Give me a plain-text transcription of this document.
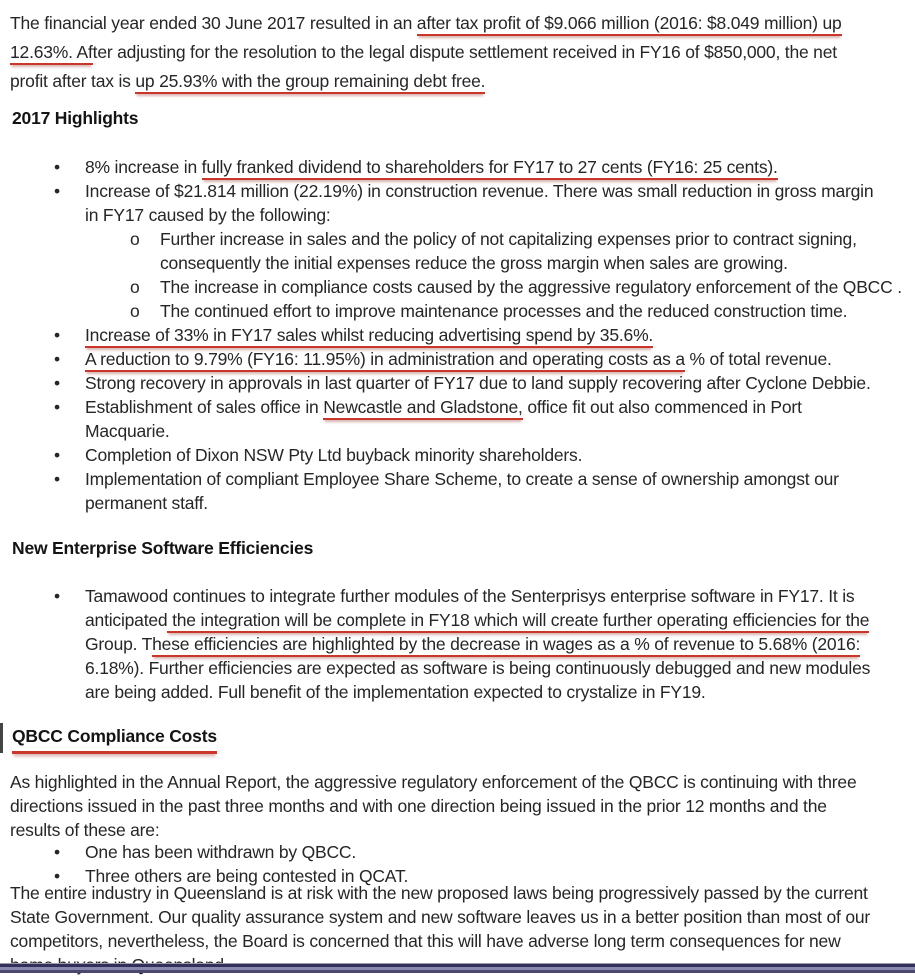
The financial year ended 30 June 2017 resulted in an after tax profit of $9.066 million (2016: $8.049 million) up
12.63%. After adjusting for the resolution to the legal dispute settlement received in FY16 of $850,000, the net
profit after tax is up 25.93% with the group remaining debt free.
2017 Highlights
• 8% increase in fully franked dividend to shareholders for FY17 to 27 cents (FY16: 25 cents).
• Increase of $21.814 million (22.19%) in construction revenue. There was small reduction in gross margin
in FY17 caused by the following:
o Further increase in sales and the policy of not capitalizing expenses prior to contract signing,
consequently the initial expenses reduce the gross margin when sales are growing.
o The increase in compliance costs caused by the aggressive regulatory enforcement of the QBCC .
o The continued effort to improve maintenance processes and the reduced construction time.
• Increase of 33% in FY17 sales whilst reducing advertising spend by 35.6%.
• A reduction to 9.79% (FY16: 11.95%) in administration and operating costs as a % of total revenue.
• Strong recovery in approvals in last quarter of FY17 due to land supply recovering after Cyclone Debbie.
• Establishment of sales office in Newcastle and Gladstone, office fit out also commenced in Port
Macquarie.
• Completion of Dixon NSW Pty Ltd buyback minority shareholders.
• Implementation of compliant Employee Share Scheme, to create a sense of ownership amongst our
permanent staff.
New Enterprise Software Efficiencies
• Tamawood continues to integrate further modules of the Senterprisys enterprise software in FY17. It is
anticipated the integration will be complete in FY18 which will create further operating efficiencies for the
Group. These efficiencies are highlighted by the decrease in wages as a % of revenue to 5.68% (2016:
6.18%). Further efficiencies are expected as software is being continuously debugged and new modules
are being added. Full benefit of the implementation expected to crystalize in FY19.
QBCC Compliance Costs
As highlighted in the Annual Report, the aggressive regulatory enforcement of the QBCC is continuing with three
directions issued in the past three months and with one direction being issued in the prior 12 months and the
results of these are:
• One has been withdrawn by QBCC.
• Three others are being contested in QCAT.
The entire industry in Queensland is at risk with the new proposed laws being progressively passed by the current
State Government. Our quality assurance system and new software leaves us in a better position than most of our
competitors, nevertheless, the Board is concerned that this will have adverse long term consequences for new
